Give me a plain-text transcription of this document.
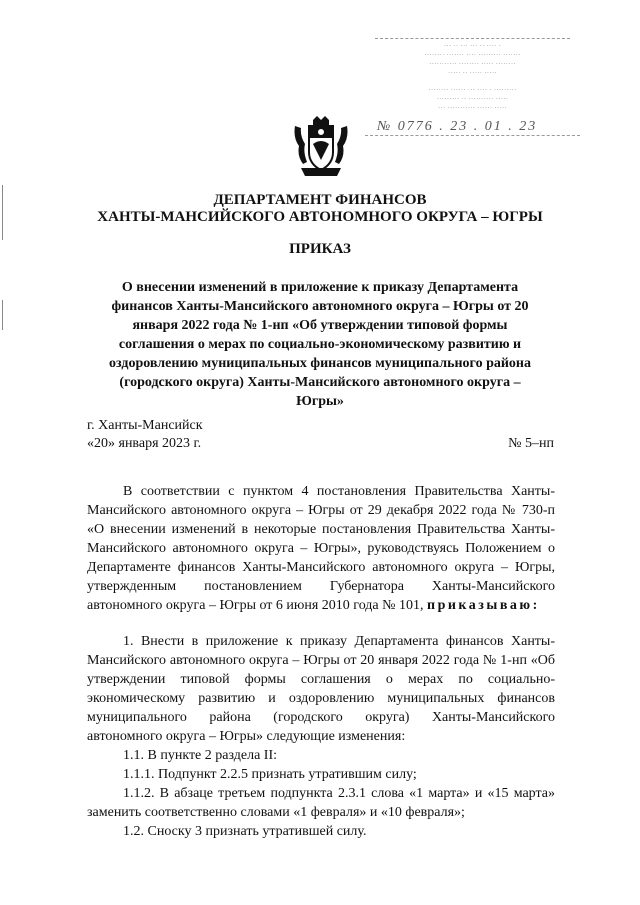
··· ·· ··· ··· ·· ···· ·
········ ······· ···· ········· ·······
··········· ········ ····· ········
····· ·· ····· ·····
········ ······ ··· ···· · ·········
········· ·· ·········· ·····
··· ··········· ······ ·····
№ 0776 . 23 . 01 . 23
ДЕПАРТАМЕНТ ФИНАНСОВ
ХАНТЫ-МАНСИЙСКОГО АВТОНОМНОГО ОКРУГА – ЮГРЫ
ПРИКАЗ
О внесении изменений в приложение к приказу Департамента финансов Ханты-Мансийского автономного округа – Югры от 20 января 2022 года № 1-нп «Об утверждении типовой формы соглашения о мерах по социально-экономическому развитию и оздоровлению муниципальных финансов муниципального района (городского округа) Ханты-Мансийского автономного округа – Югры»
г. Ханты-Мансийск
«20» января 2023 г.	№ 5–нп
В соответствии с пунктом 4 постановления Правительства Ханты-Мансийского автономного округа – Югры от 29 декабря 2022 года № 730-п «О внесении изменений в некоторые постановления Правительства Ханты-Мансийского автономного округа – Югры», руководствуясь Положением о Департаменте финансов Ханты-Мансийского автономного округа – Югры, утвержденным постановлением Губернатора Ханты-Мансийского автономного округа – Югры от 6 июня 2010 года № 101, приказываю:
1. Внести в приложение к приказу Департамента финансов Ханты-Мансийского автономного округа – Югры от 20 января 2022 года № 1-нп «Об утверждении типовой формы соглашения о мерах по социально-экономическому развитию и оздоровлению муниципальных финансов муниципального района (городского округа) Ханты-Мансийского автономного округа – Югры» следующие изменения:
1.1. В пункте 2 раздела II:
1.1.1. Подпункт 2.2.5 признать утратившим силу;
1.1.2. В абзаце третьем подпункта 2.3.1 слова «1 марта» и «15 марта» заменить соответственно словами «1 февраля» и «10 февраля»;
1.2. Сноску 3 признать утратившей силу.
